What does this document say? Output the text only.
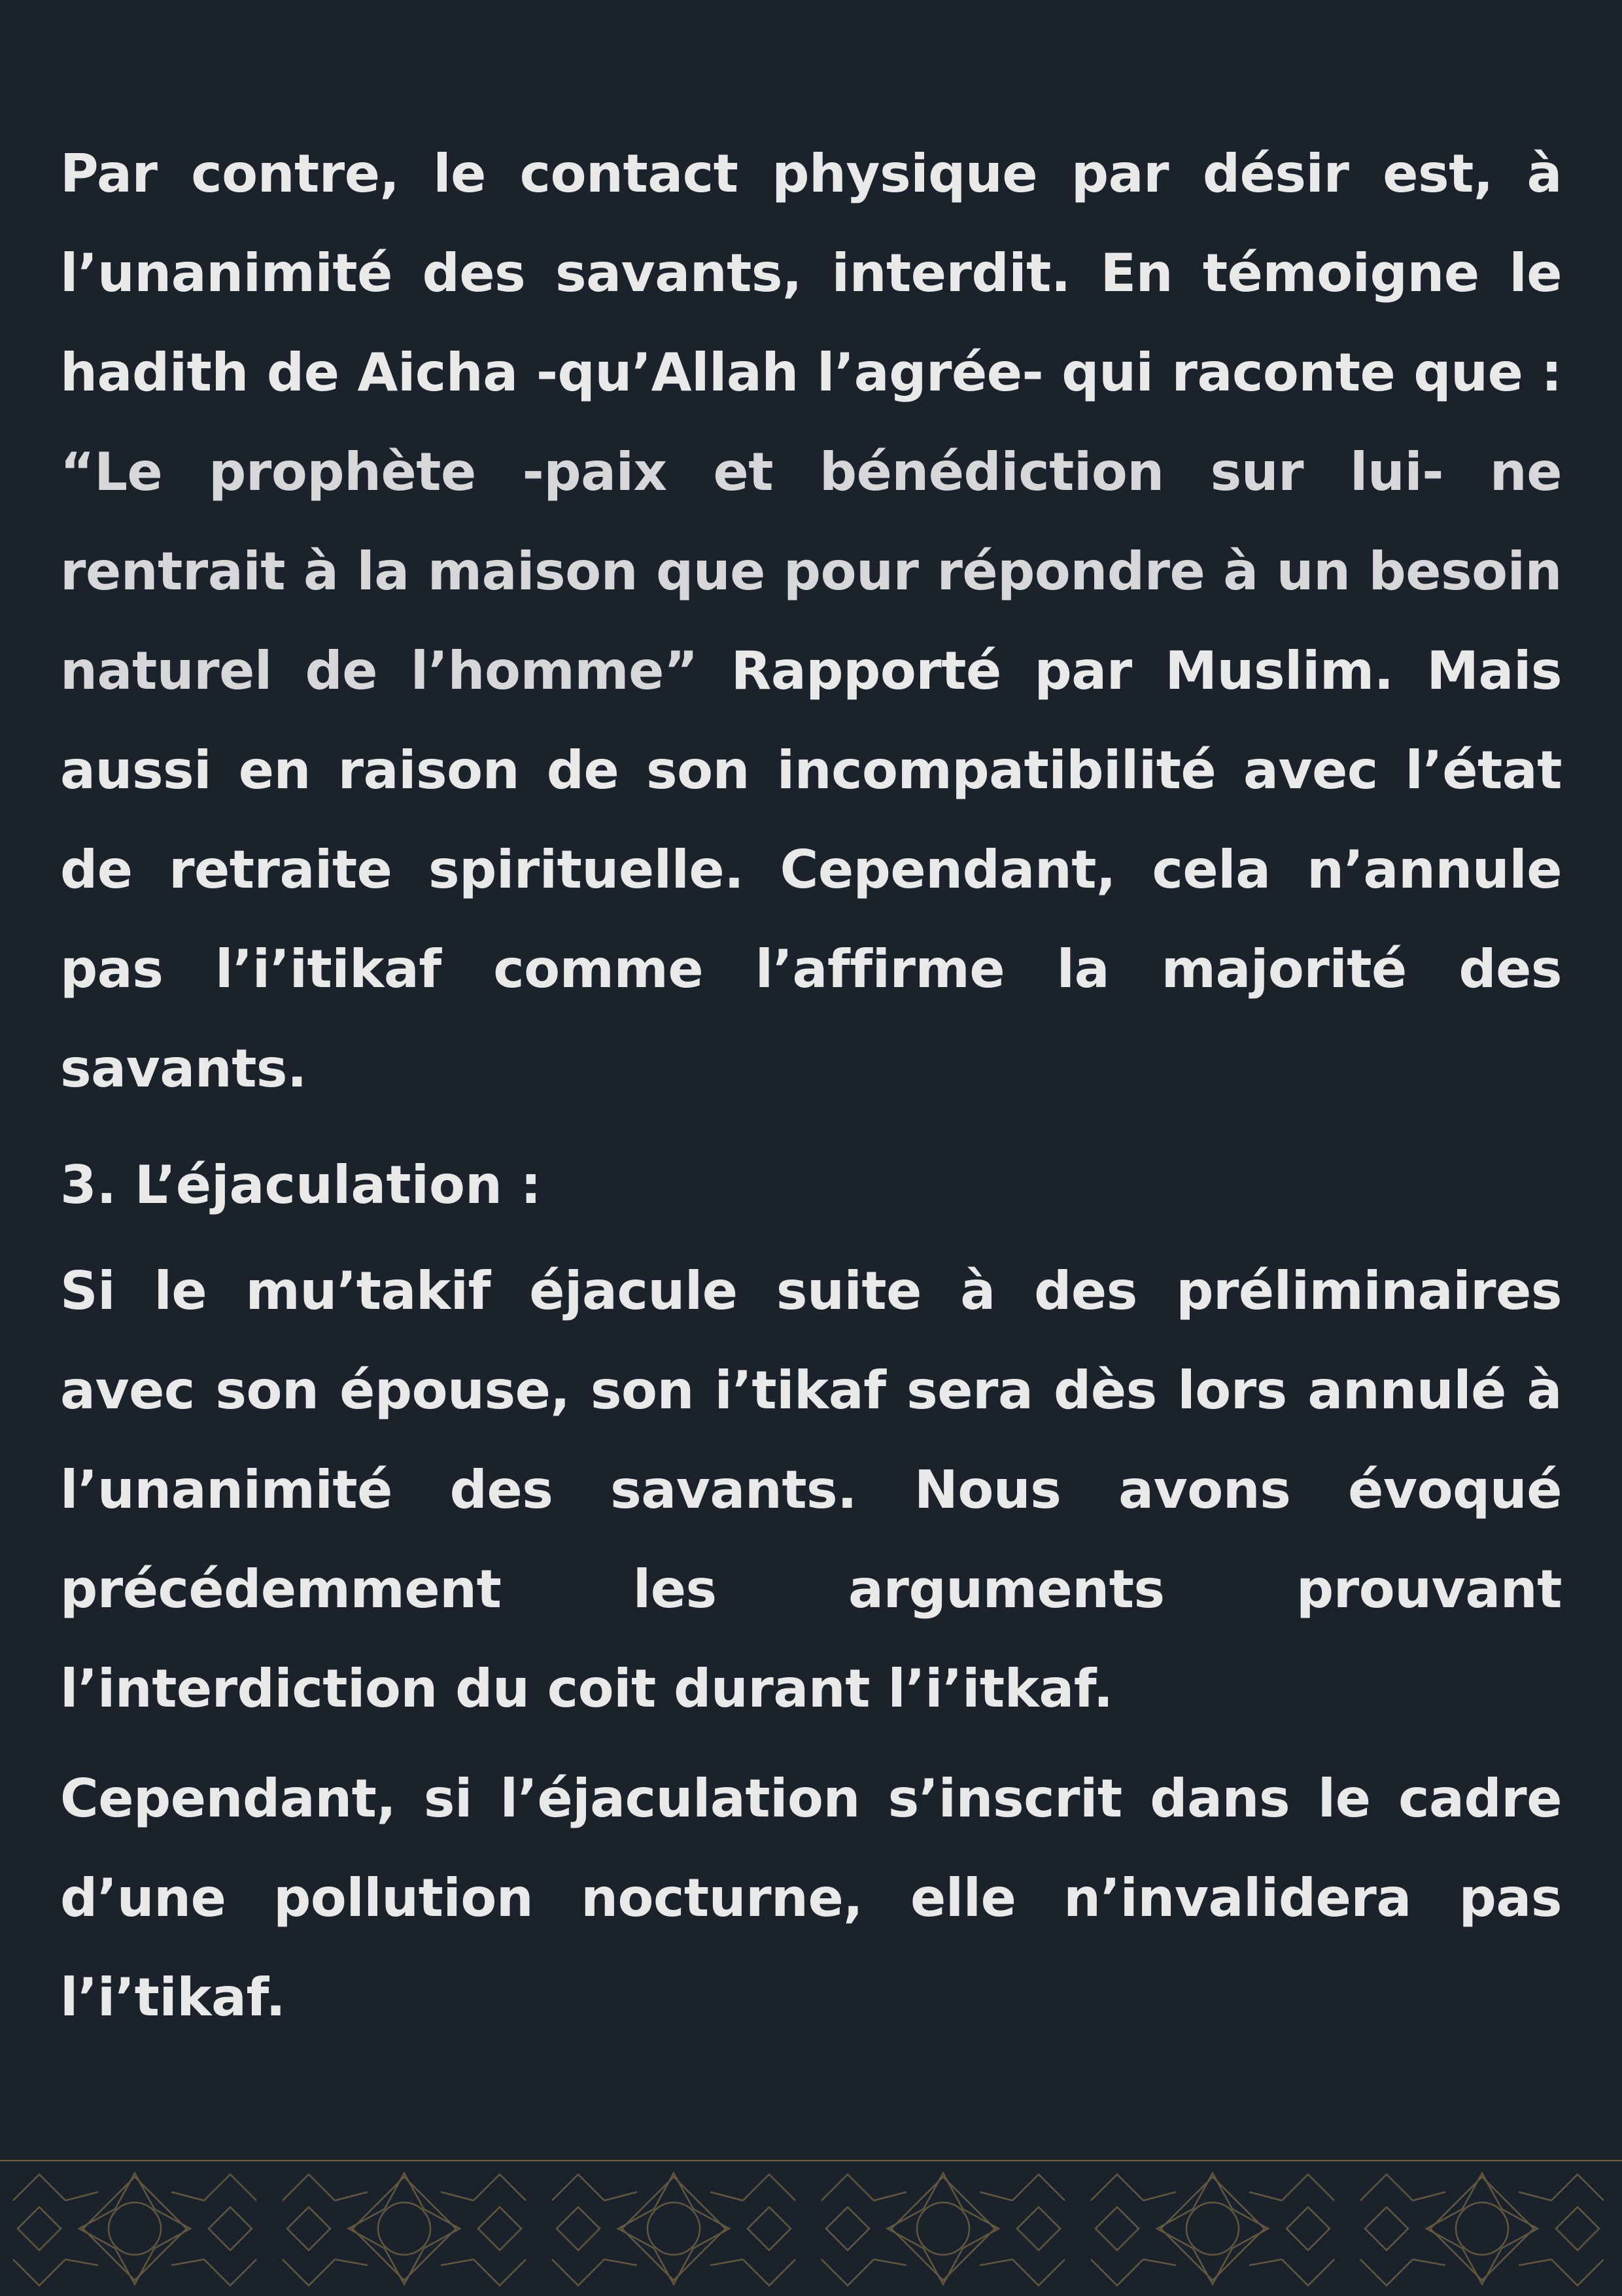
Par contre, le contact physique par désir est, à l’unanimité des savants, interdit. En témoigne le hadith de Aicha -qu’Allah l’agrée- qui raconte que : “Le prophète -paix et bénédiction sur lui- ne rentrait à la maison que pour répondre à un besoin naturel de l’homme” Rapporté par Muslim. Mais aussi en raison de son incompatibilité avec l’état de retraite spirituelle. Cependant, cela n’annule pas l’i’itikaf comme l’affirme la majorité des savants.

3. L’éjaculation :

Si le mu’takif éjacule suite à des préliminaires avec son épouse, son i’tikaf sera dès lors annulé à l’unanimité des savants. Nous avons évoqué précédemment les arguments prouvant l’interdiction du coit durant l’i’itkaf.

Cependant, si l’éjaculation s’inscrit dans le cadre d’une pollution nocturne, elle n’invalidera pas l’i’tikaf.
